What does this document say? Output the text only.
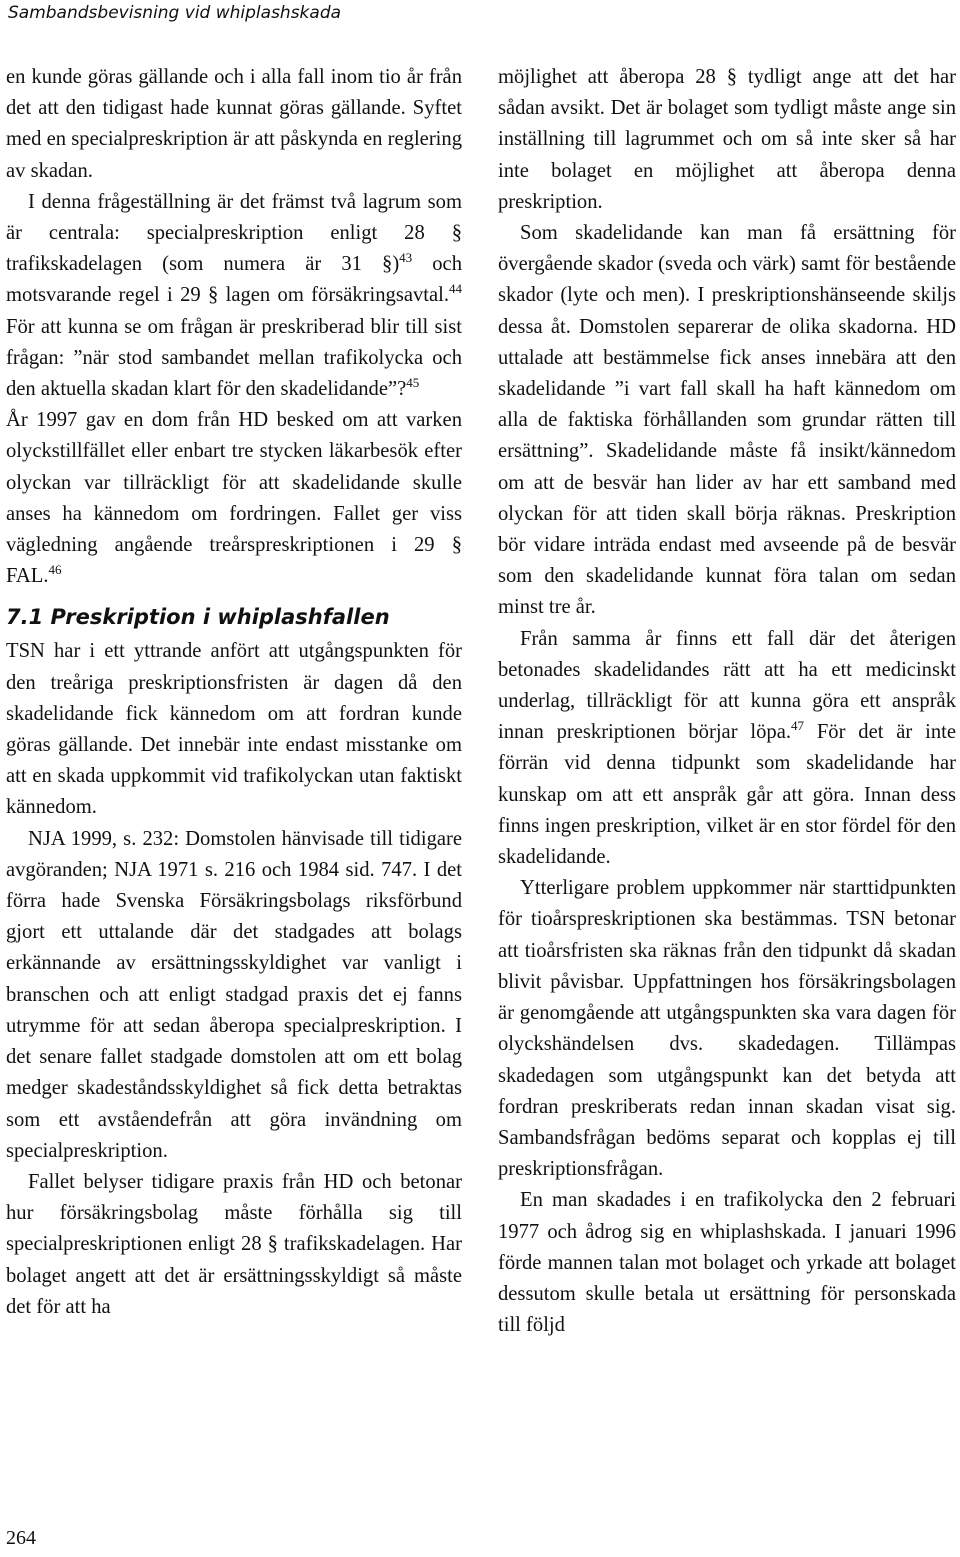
Sambandsbevisning vid whiplashskada

en kunde göras gällande och i alla fall inom tio år från det att den tidigast hade kunnat göras gällande. Syftet med en specialpreskription är att påskynda en reglering av skadan.

I denna frågeställning är det främst två lagrum som är centrala: specialpreskription enligt 28 § trafikskadelagen (som numera är 31 §)$^{43}$ och motsvarande regel i 29 § lagen om försäkringsavtal.$^{44}$ För att kunna se om frågan är preskriberad blir till sist frågan: ”när stod sambandet mellan trafikolycka och den aktuella skadan klart för den skadelidande”?$^{45}$

År 1997 gav en dom från HD besked om att varken olyckstillfället eller enbart tre stycken läkarbesök efter olyckan var tillräckligt för att skadelidande skulle anses ha kännedom om fordringen. Fallet ger viss vägledning angående treårspreskriptionen i 29 § FAL.$^{46}$

7.1 Preskription i whiplashfallen

TSN har i ett yttrande anfört att utgångspunkten för den treåriga preskriptionsfristen är dagen då den skadelidande fick kännedom om att fordran kunde göras gällande. Det innebär inte endast misstanke om att en skada uppkommit vid trafikolyckan utan faktiskt kännedom.

NJA 1999, s. 232: Domstolen hänvisade till tidigare avgöranden; NJA 1971 s. 216 och 1984 sid. 747. I det förra hade Svenska Försäkringsbolags riksförbund gjort ett uttalande där det stadgades att bolags erkännande av ersättningsskyldighet var vanligt i branschen och att enligt stadgad praxis det ej fanns utrymme för att sedan åberopa specialpreskription. I det senare fallet stadgade domstolen att om ett bolag medger skadeståndsskyldighet så fick detta betraktas som ett avståendefrån att göra invändning om specialpreskription.

Fallet belyser tidigare praxis från HD och betonar hur försäkringsbolag måste förhålla sig till specialpreskriptionen enligt 28 § trafikskadelagen. Har bolaget angett att det är ersättningsskyldigt så måste det för att ha

möjlighet att åberopa 28 § tydligt ange att det har sådan avsikt. Det är bolaget som tydligt måste ange sin inställning till lagrummet och om så inte sker så har inte bolaget en möjlighet att åberopa denna preskription.

Som skadelidande kan man få ersättning för övergående skador (sveda och värk) samt för bestående skador (lyte och men). I preskriptionshänseende skiljs dessa åt. Domstolen separerar de olika skadorna. HD uttalade att bestämmelse fick anses innebära att den skadelidande ”i vart fall skall ha haft kännedom om alla de faktiska förhållanden som grundar rätten till ersättning”. Skadelidande måste få insikt/kännedom om att de besvär han lider av har ett samband med olyckan för att tiden skall börja räknas. Preskription bör vidare inträda endast med avseende på de besvär som den skadelidande kunnat föra talan om sedan minst tre år.

Från samma år finns ett fall där det återigen betonades skadelidandes rätt att ha ett medicinskt underlag, tillräckligt för att kunna göra ett anspråk innan preskriptionen börjar löpa.$^{47}$ För det är inte förrän vid denna tidpunkt som skadelidande har kunskap om att ett anspråk går att göra. Innan dess finns ingen preskription, vilket är en stor fördel för den skadelidande.

Ytterligare problem uppkommer när starttidpunkten för tioårspreskriptionen ska bestämmas. TSN betonar att tioårsfristen ska räknas från den tidpunkt då skadan blivit påvisbar. Uppfattningen hos försäkringsbolagen är genomgående att utgångspunkten ska vara dagen för olyckshändelsen dvs. skadedagen. Tillämpas skadedagen som utgångspunkt kan det betyda att fordran preskriberats redan innan skadan visat sig. Sambandsfrågan bedöms separat och kopplas ej till preskriptionsfrågan.

En man skadades i en trafikolycka den 2 februari 1977 och ådrog sig en whiplashskada. I januari 1996 förde mannen talan mot bolaget och yrkade att bolaget dessutom skulle betala ut ersättning för personskada till följd

264
